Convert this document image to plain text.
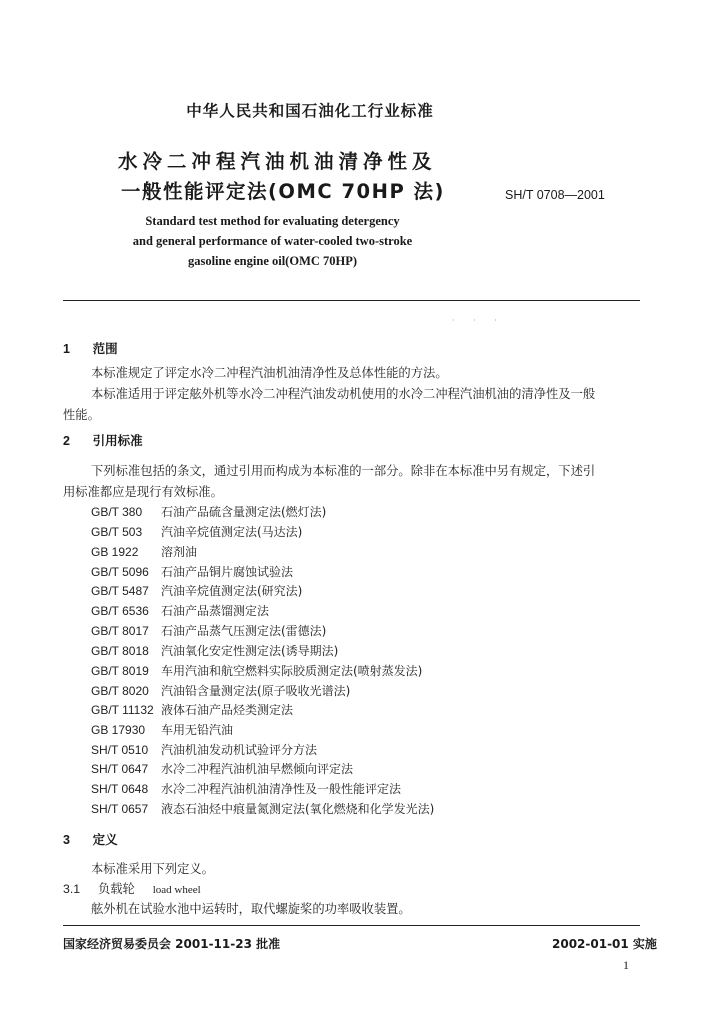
中华人民共和国石油化工行业标准
水冷二冲程汽油机油清净性及
一般性能评定法(OMC 70HP 法)	SH/T 0708—2001
Standard test method for evaluating detergency
and general performance of water-cooled two-stroke
gasoline engine oil(OMC 70HP)
· · ·
1 范围
本标准规定了评定水冷二冲程汽油机油清净性及总体性能的方法。
本标准适用于评定舷外机等水冷二冲程汽油发动机使用的水冷二冲程汽油机油的清净性及一般
性能。
2 引用标准
下列标准包括的条文，通过引用而构成为本标准的一部分。除非在本标准中另有规定，下述引
用标准都应是现行有效标准。
GB/T 380 石油产品硫含量测定法(燃灯法)
GB/T 503 汽油辛烷值测定法(马达法)
GB 1922 溶剂油
GB/T 5096 石油产品铜片腐蚀试验法
GB/T 5487 汽油辛烷值测定法(研究法)
GB/T 6536 石油产品蒸馏测定法
GB/T 8017 石油产品蒸气压测定法(雷德法)
GB/T 8018 汽油氧化安定性测定法(诱导期法)
GB/T 8019 车用汽油和航空燃料实际胶质测定法(喷射蒸发法)
GB/T 8020 汽油铅含量测定法(原子吸收光谱法)
GB/T 11132 液体石油产品烃类测定法
GB 17930 车用无铅汽油
SH/T 0510 汽油机油发动机试验评分方法
SH/T 0647 水冷二冲程汽油机油早燃倾向评定法
SH/T 0648 水冷二冲程汽油机油清净性及一般性能评定法
SH/T 0657 液态石油烃中痕量氮测定法(氧化燃烧和化学发光法)
3 定义
本标准采用下列定义。
3.1 负载轮 load wheel
舷外机在试验水池中运转时，取代螺旋桨的功率吸收装置。
国家经济贸易委员会 2001-11-23 批准	2002-01-01 实施
1
